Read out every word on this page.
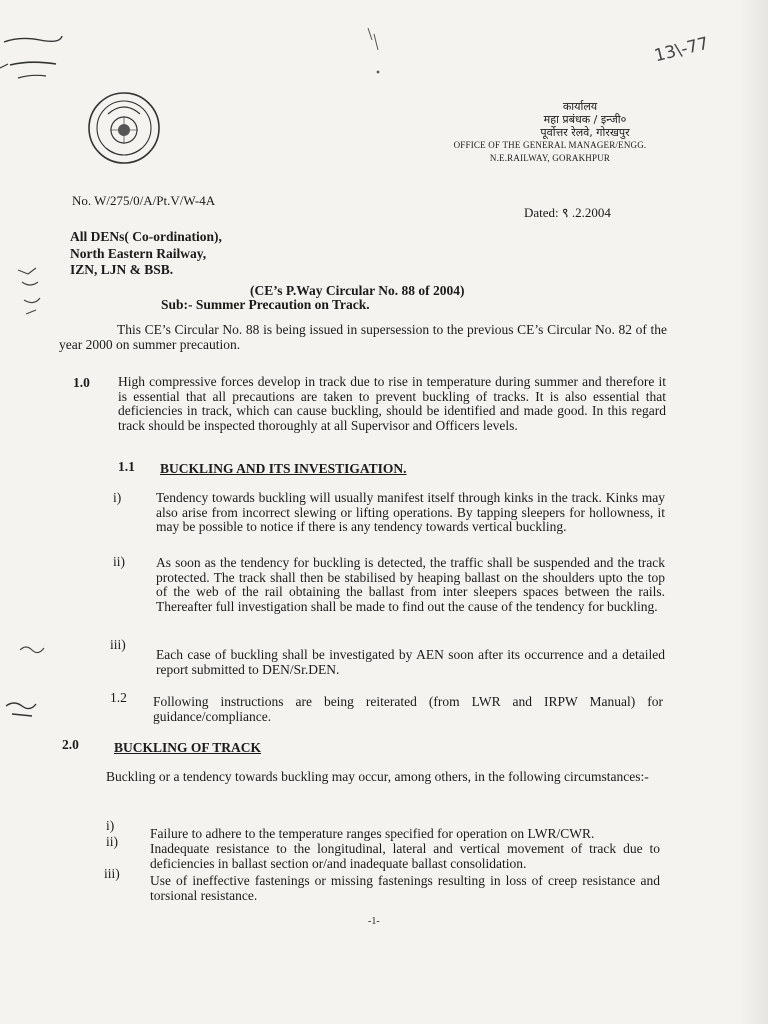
13\-77
कार्यालय
महा प्रबंधक / इन्जी०
पूर्वोत्तर रेलवे, गोरखपुर
OFFICE OF THE GENERAL MANAGER/ENGG.
N.E.RAILWAY, GORAKHPUR
No. W/275/0/A/Pt.V/W-4A
Dated: ९ .2.2004
All DENs( Co-ordination),
North Eastern Railway,
IZN, LJN & BSB.
(CE’s P.Way Circular No. 88 of 2004)
Sub:- Summer Precaution on Track.
This CE’s Circular No. 88 is being issued in supersession to the previous CE’s Circular No. 82 of the year 2000 on summer precaution.
1.0 High compressive forces develop in track due to rise in temperature during summer and therefore it is essential that all precautions are taken to prevent buckling of tracks. It is also essential that deficiencies in track, which can cause buckling, should be identified and made good. In this regard track should be inspected thoroughly at all Supervisor and Officers levels.
1.1 BUCKLING AND ITS INVESTIGATION.
i)	Tendency towards buckling will usually manifest itself through kinks in the track. Kinks may also arise from incorrect slewing or lifting operations. By tapping sleepers for hollowness, it may be possible to notice if there is any tendency towards vertical buckling.
ii) As soon as the tendency for buckling is detected, the traffic shall be suspended and the track protected. The track shall then be stabilised by heaping ballast on the shoulders upto the top of the web of the rail obtaining the ballast from inter sleepers spaces between the rails. Thereafter full investigation shall be made to find out the cause of the tendency for buckling.
iii)
Each case of buckling shall be investigated by AEN soon after its occurrence and a detailed report submitted to DEN/Sr.DEN.
1.2 Following instructions are being reiterated (from LWR and IRPW Manual) for guidance/compliance.
2.0	BUCKLING OF TRACK
Buckling or a tendency towards buckling may occur, among others, in the following circumstances:-
i)
Failure to adhere to the temperature ranges specified for operation on LWR/CWR.
ii) Inadequate resistance to the longitudinal, lateral and vertical movement of track due to deficiencies in ballast section or/and inadequate ballast consolidation.
iii) Use of ineffective fastenings or missing fastenings resulting in loss of creep resistance and torsional resistance.
-1-
